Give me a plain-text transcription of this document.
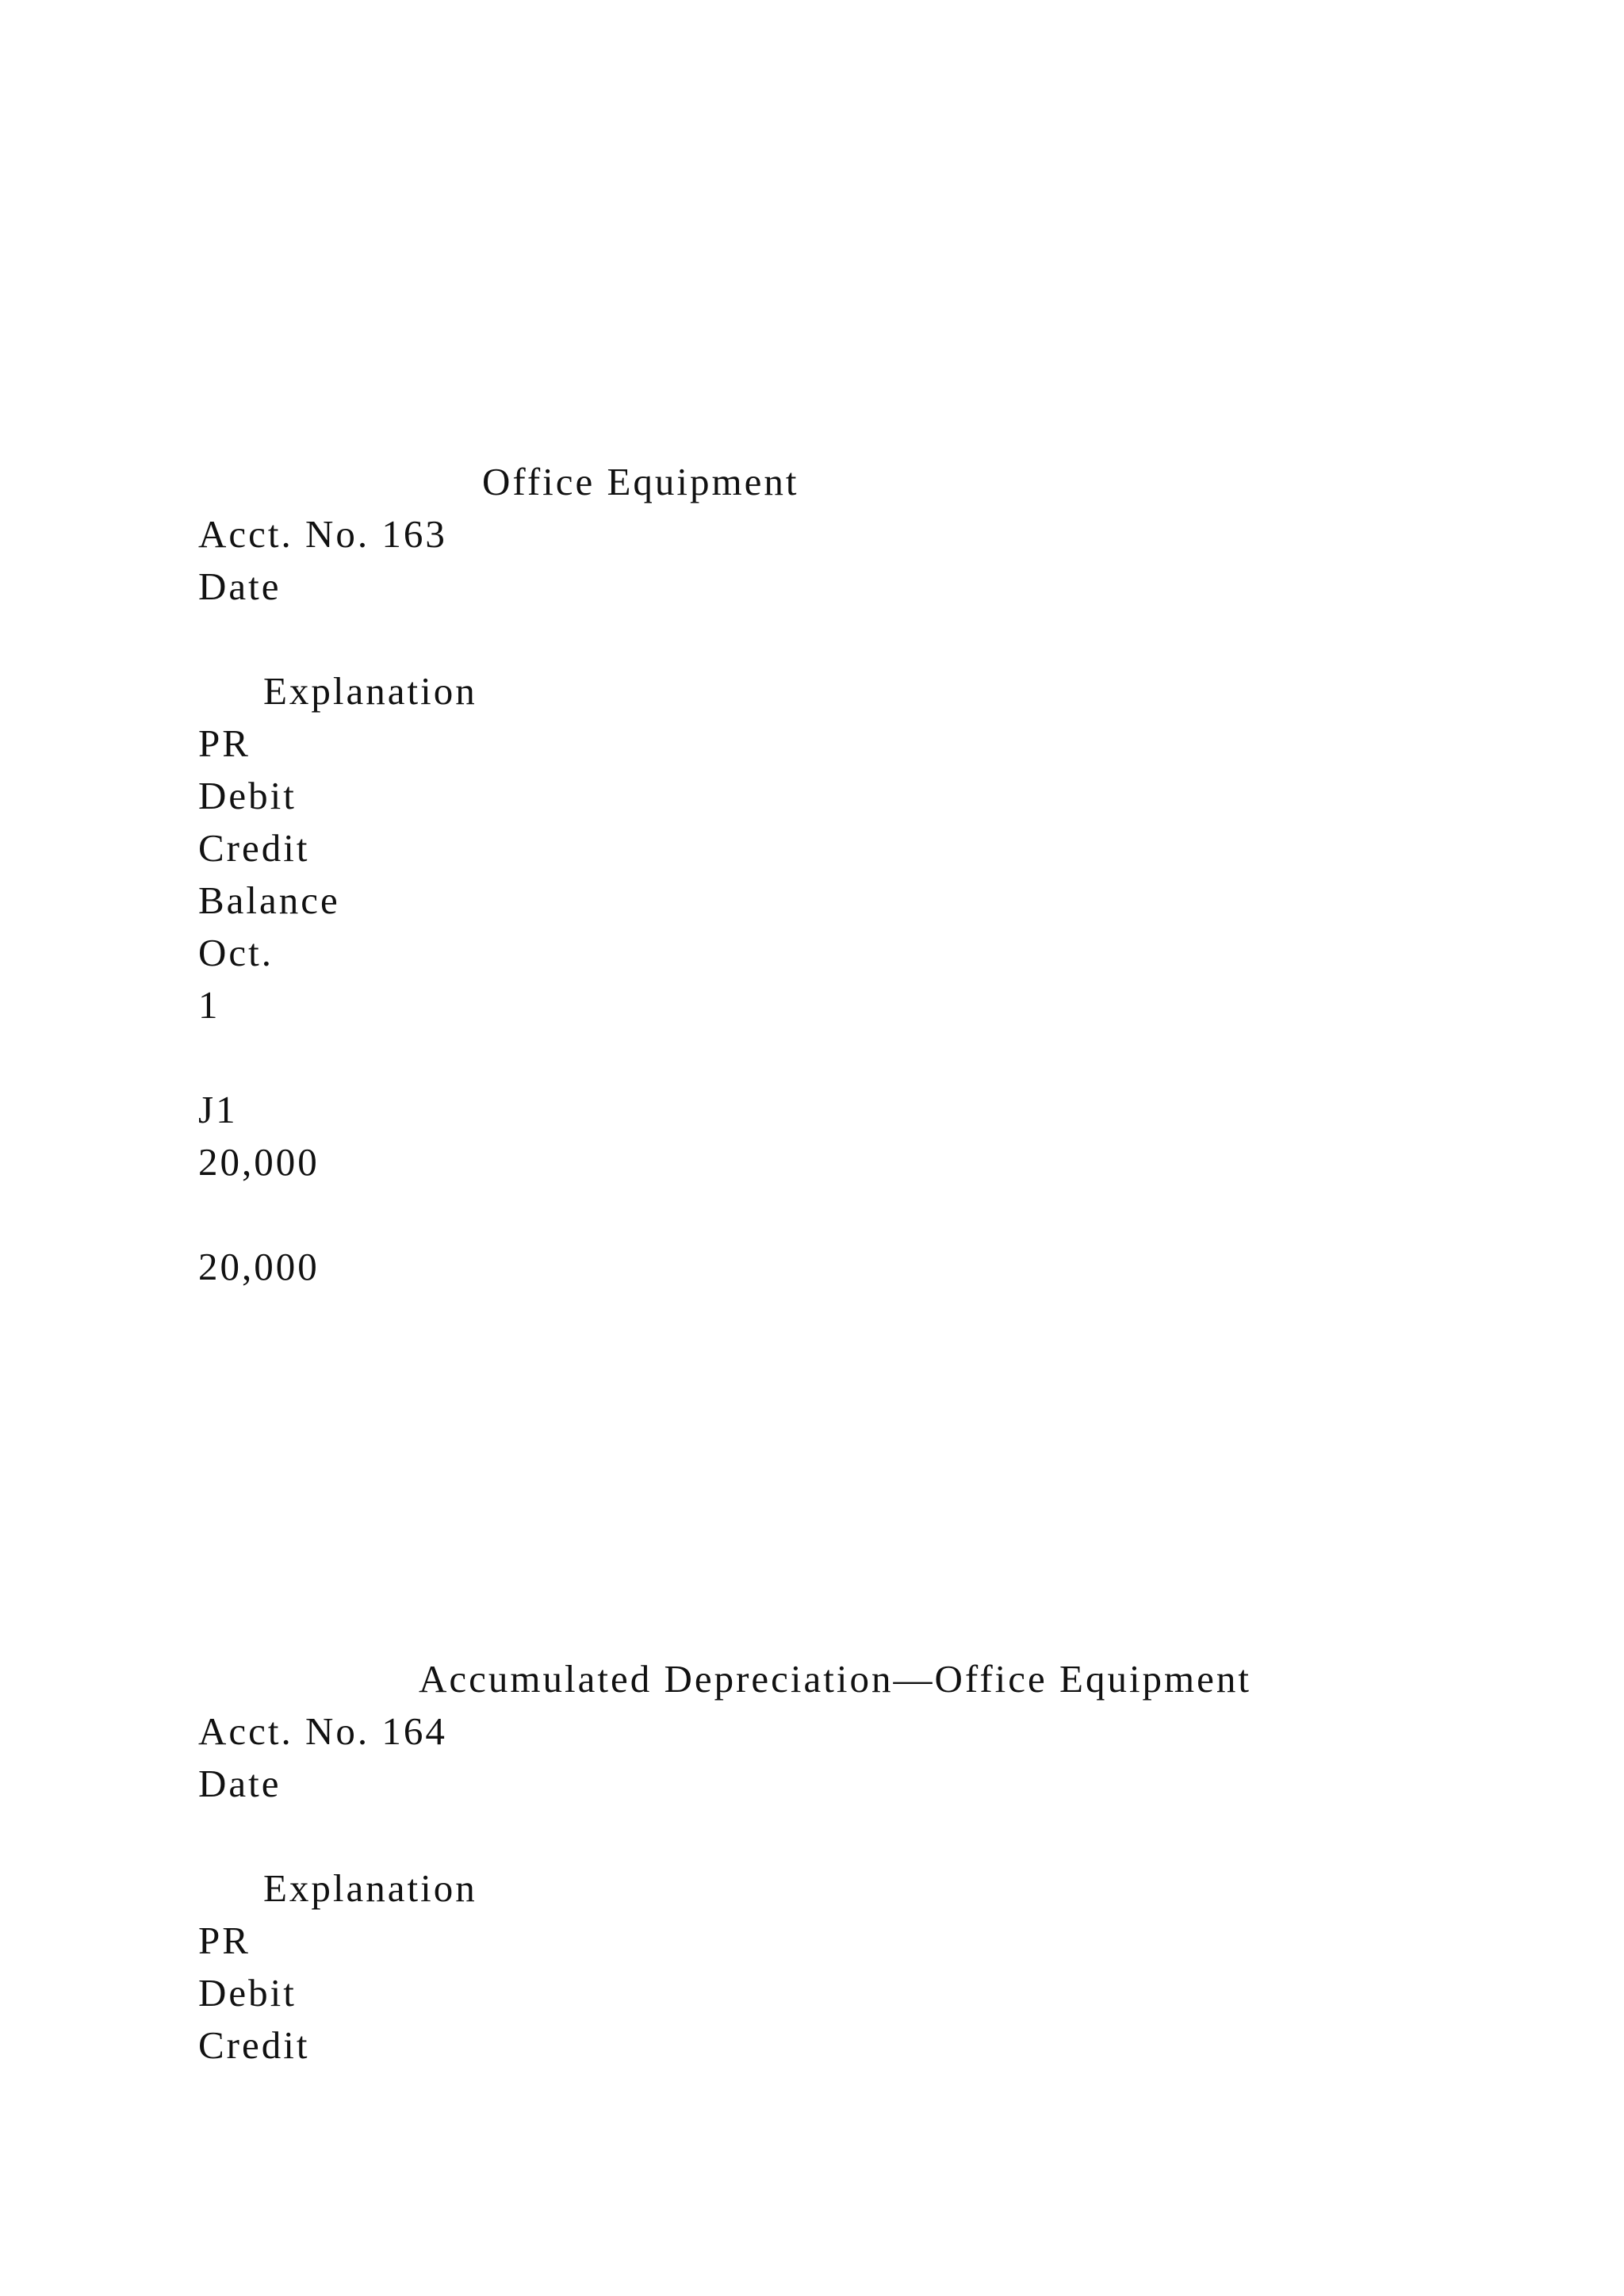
Office Equipment
Acct. No. 163
Date
Explanation
PR
Debit
Credit
Balance
Oct.
1
J1
20,000
20,000
Accumulated Depreciation—Office Equipment
Acct. No. 164
Date
Explanation
PR
Debit
Credit
